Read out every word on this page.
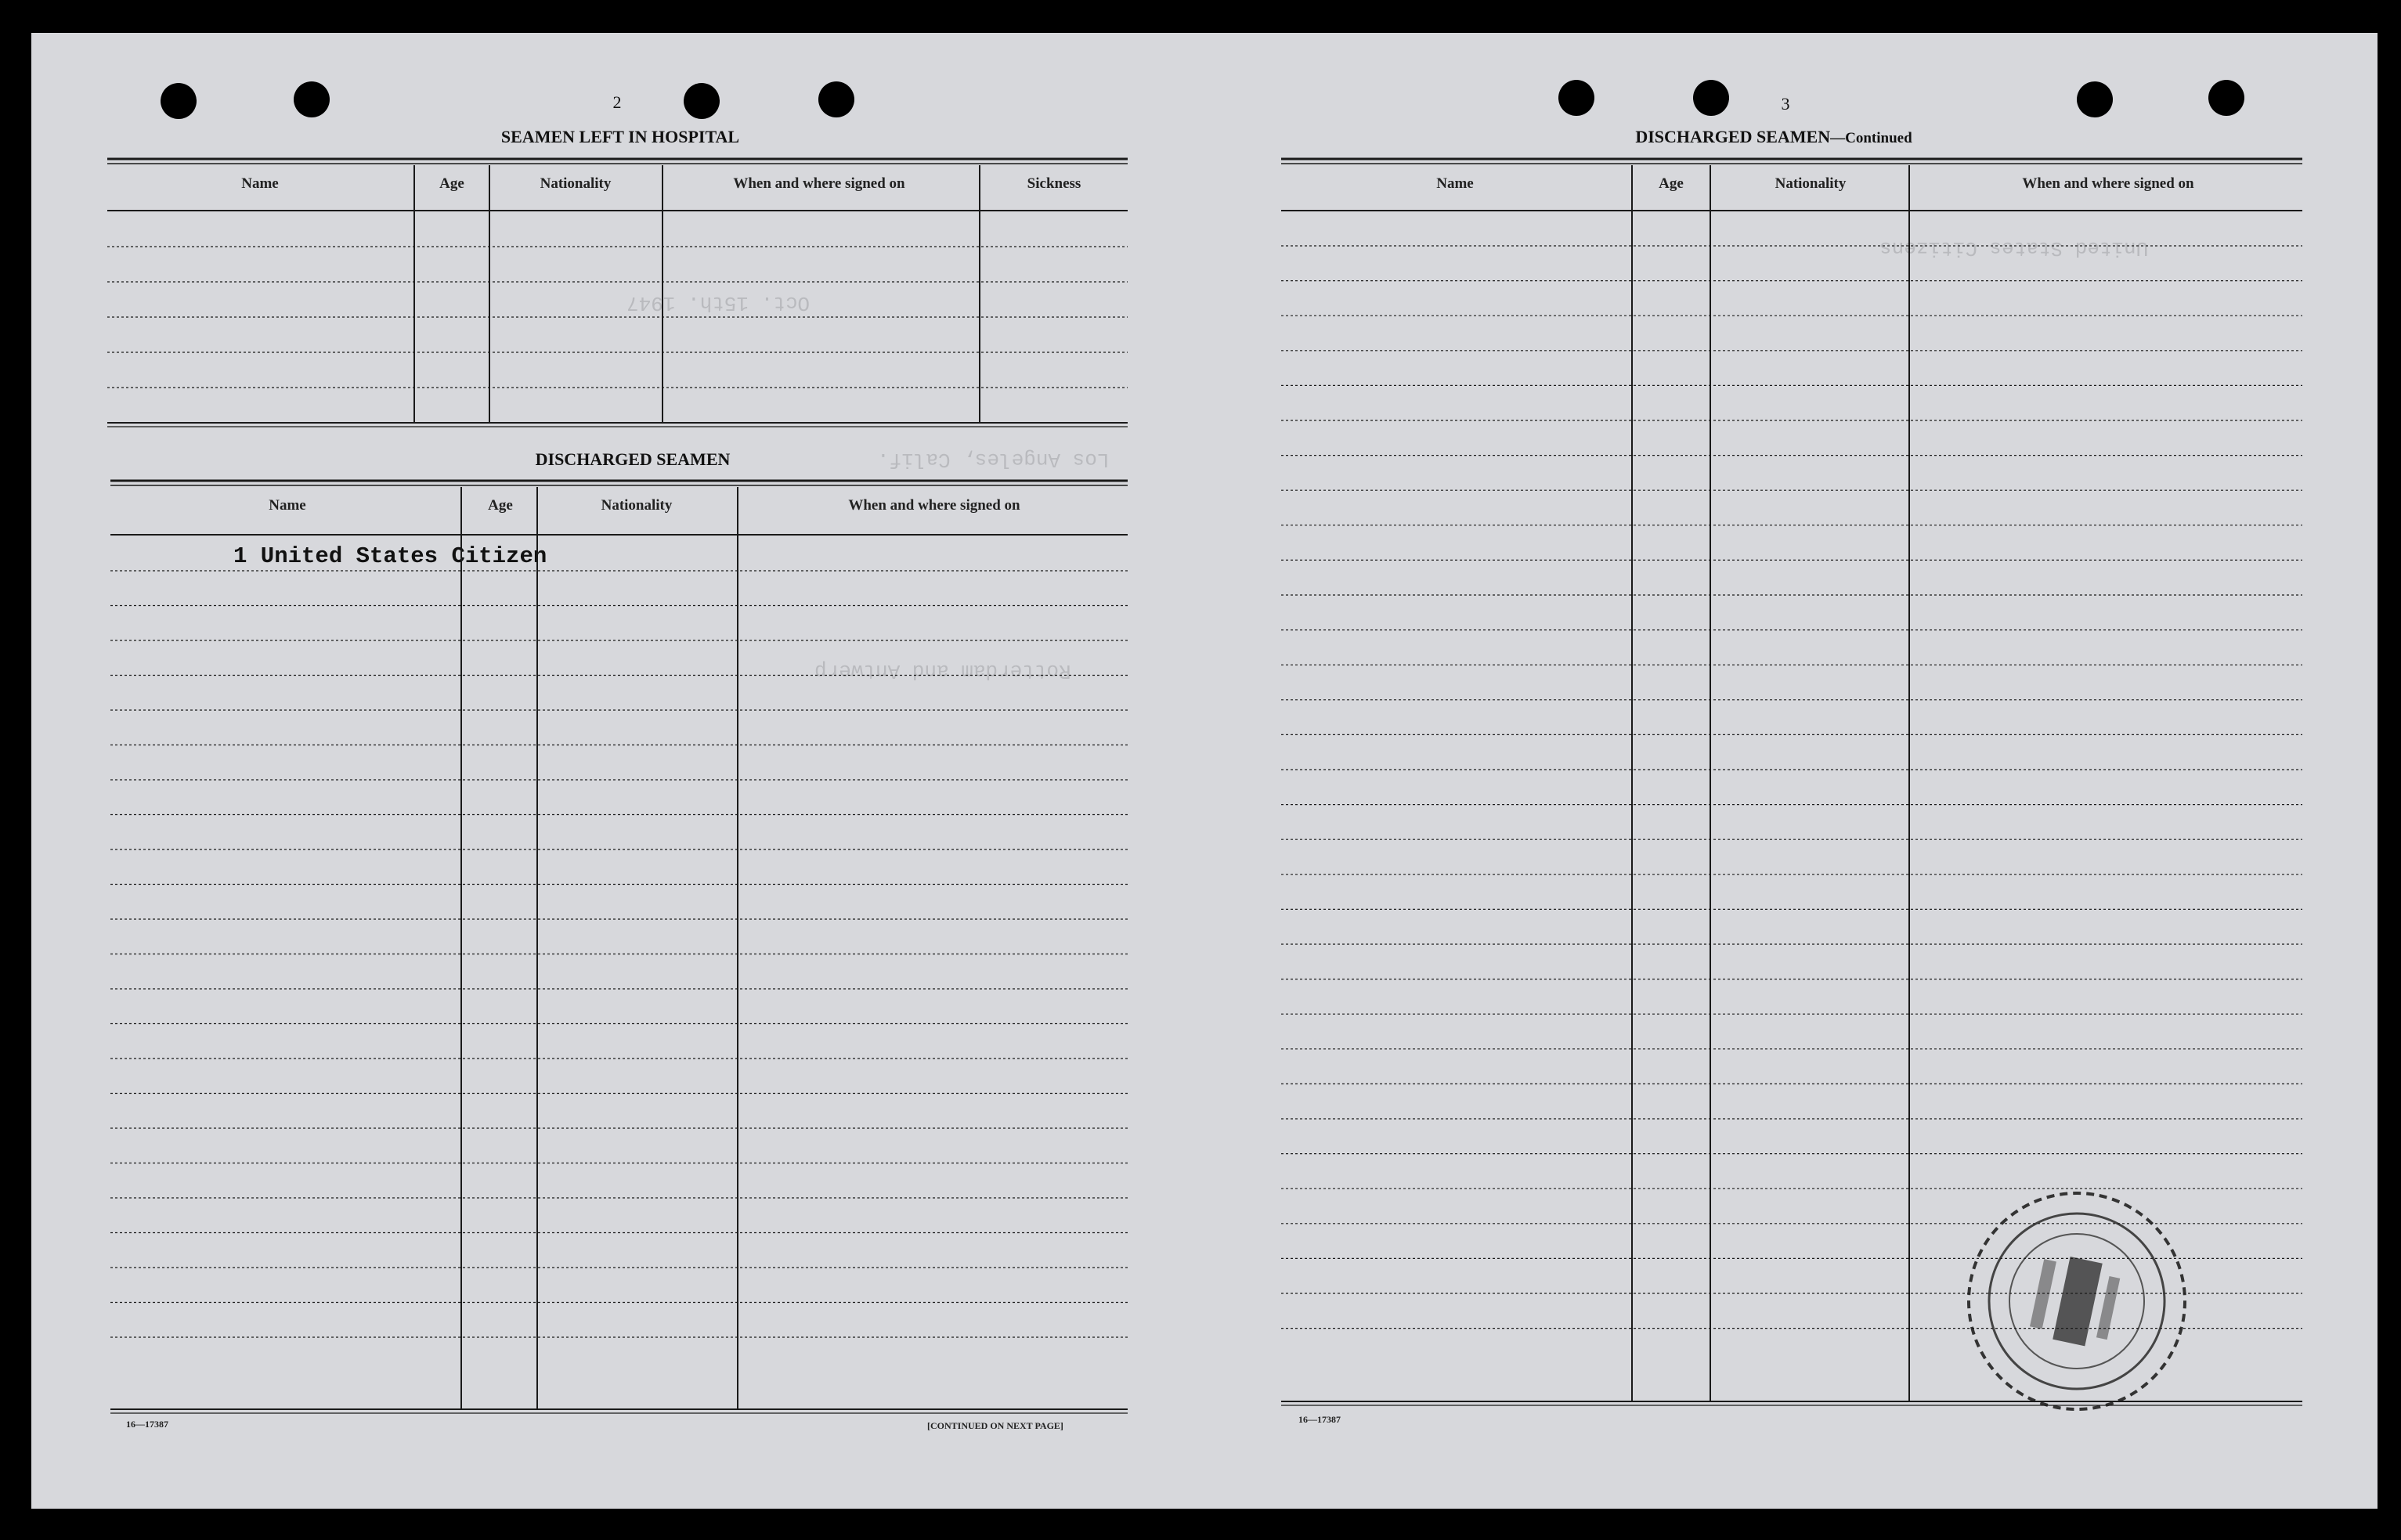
Oct. 15th. 1947
Los Angeles, Calif.
Rotterdam and Antwerp
United States Citizens
2	3
SEAMEN LEFT IN HOSPITAL
DISCHARGED SEAMEN
DISCHARGED SEAMEN—Continued
Name	Age	Nationality	When and where signed on	Sickness
Name	Age	Nationality	When and where signed on
Name	Age	Nationality	When and where signed on
1 United States Citizen
16—17387	[CONTINUED ON NEXT PAGE]
16—17387
